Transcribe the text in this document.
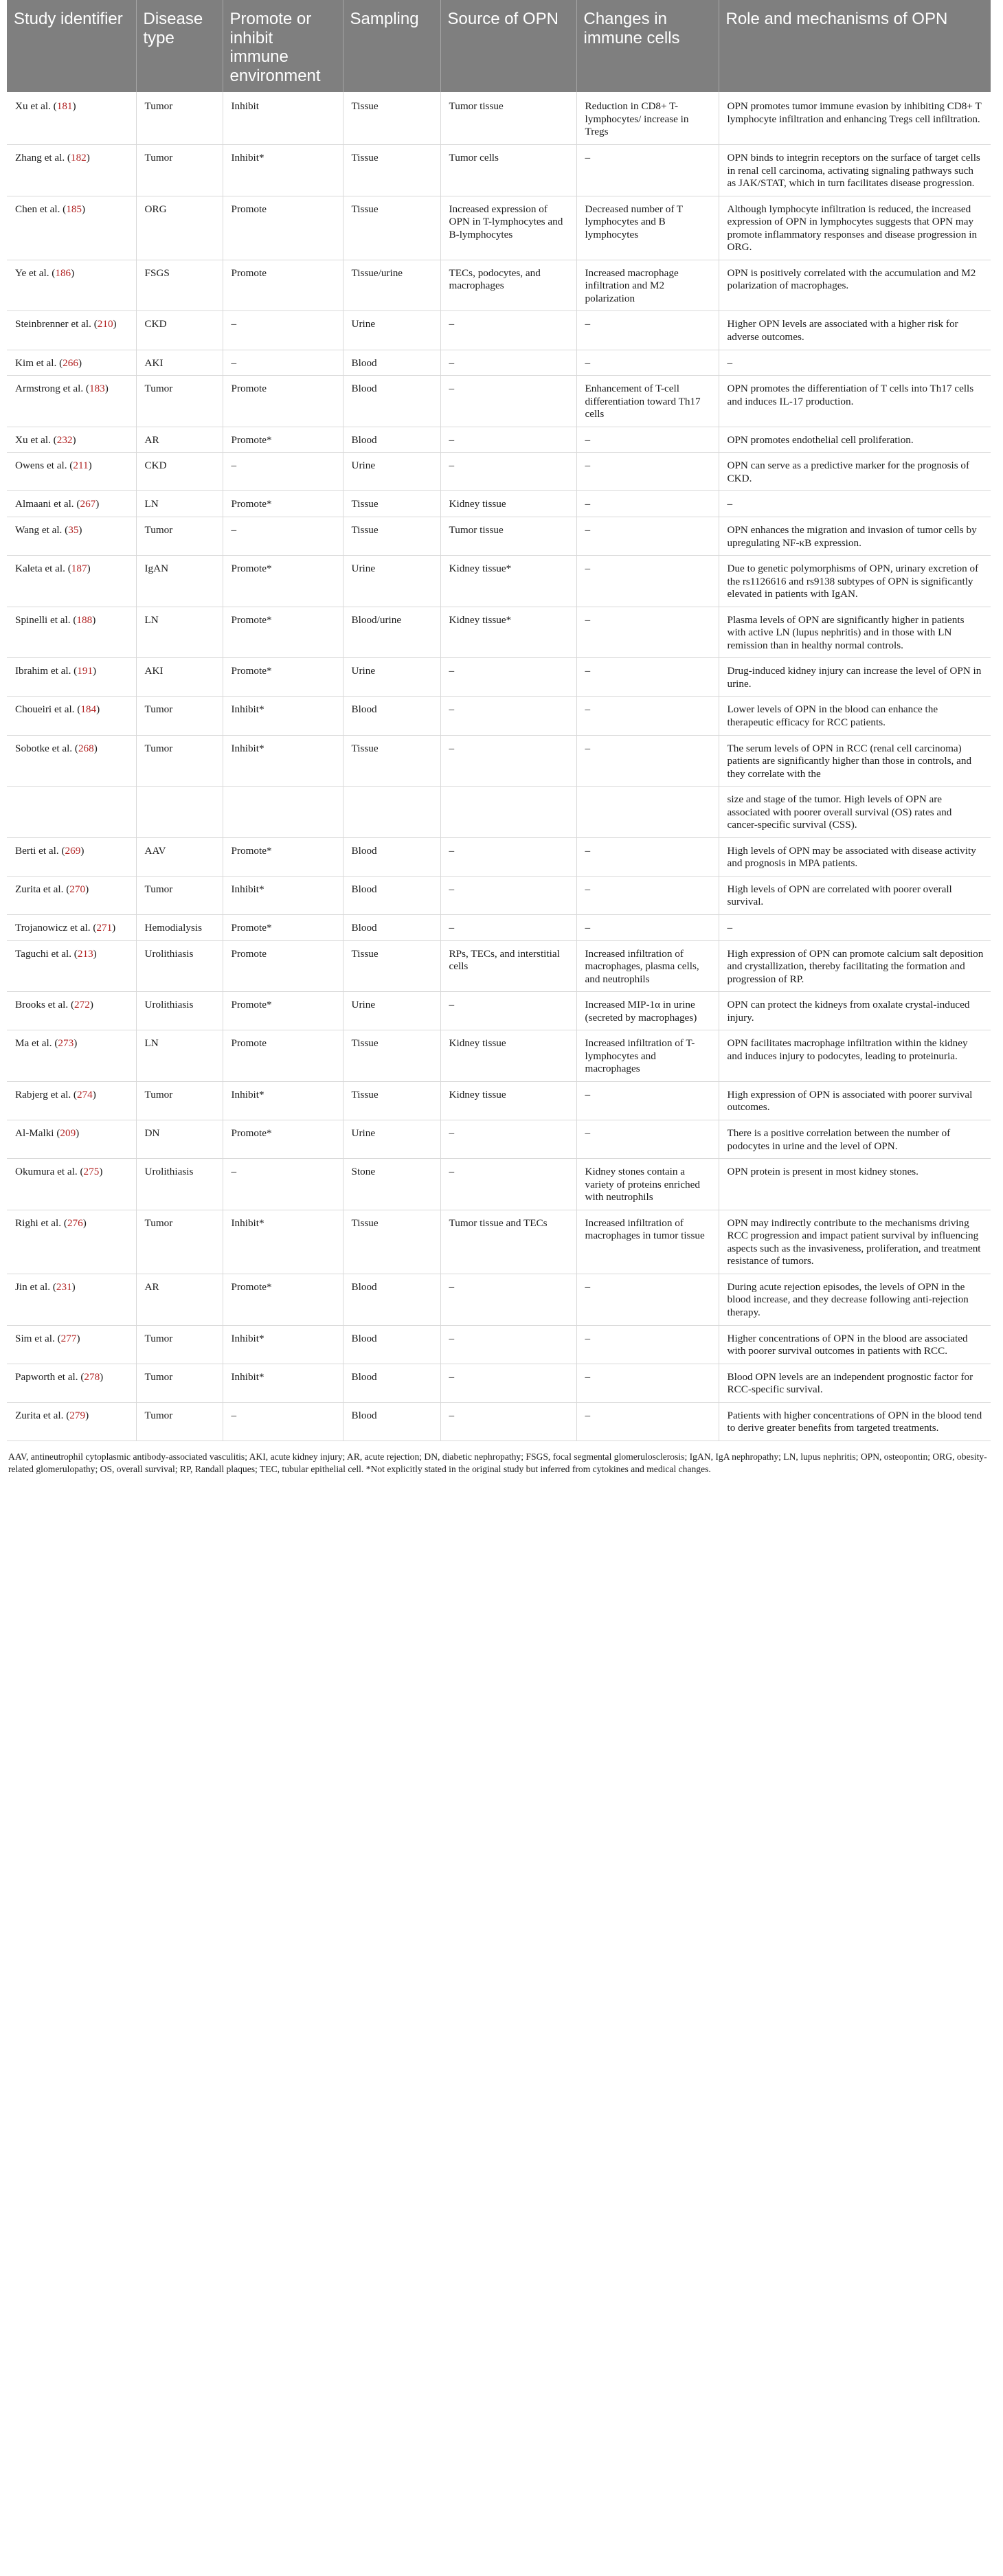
Study identifier	Disease type	Promote or inhibit immune environment	Sampling	Source of OPN	Changes in immune cells	Role and mechanisms of OPN
Xu et al. (181)	Tumor	Inhibit	Tissue	Tumor tissue	Reduction in CD8+ T-lymphocytes/ increase in Tregs	OPN promotes tumor immune evasion by inhibiting CD8+ T lymphocyte infiltration and enhancing Tregs cell infiltration.
Zhang et al. (182)	Tumor	Inhibit*	Tissue	Tumor cells	–	OPN binds to integrin receptors on the surface of target cells in renal cell carcinoma, activating signaling pathways such as JAK/STAT, which in turn facilitates disease progression.
Chen et al. (185)	ORG	Promote	Tissue	Increased expression of OPN in T-lymphocytes and B-lymphocytes	Decreased number of T lymphocytes and B lymphocytes	Although lymphocyte infiltration is reduced, the increased expression of OPN in lymphocytes suggests that OPN may promote inflammatory responses and disease progression in ORG.
Ye et al. (186)	FSGS	Promote	Tissue/urine	TECs, podocytes, and macrophages	Increased macrophage infiltration and M2 polarization	OPN is positively correlated with the accumulation and M2 polarization of macrophages.
Steinbrenner et al. (210)	CKD	–	Urine	–	–	Higher OPN levels are associated with a higher risk for adverse outcomes.
Kim et al. (266)	AKI	–	Blood	–	–	–
Armstrong et al. (183)	Tumor	Promote	Blood	–	Enhancement of T-cell differentiation toward Th17 cells	OPN promotes the differentiation of T cells into Th17 cells and induces IL-17 production.
Xu et al. (232)	AR	Promote*	Blood	–	–	OPN promotes endothelial cell proliferation.
Owens et al. (211)	CKD	–	Urine	–	–	OPN can serve as a predictive marker for the prognosis of CKD.
Almaani et al. (267)	LN	Promote*	Tissue	Kidney tissue	–	–
Wang et al. (35)	Tumor	–	Tissue	Tumor tissue	–	OPN enhances the migration and invasion of tumor cells by upregulating NF-κB expression.
Kaleta et al. (187)	IgAN	Promote*	Urine	Kidney tissue*	–	Due to genetic polymorphisms of OPN, urinary excretion of the rs1126616 and rs9138 subtypes of OPN is significantly elevated in patients with IgAN.
Spinelli et al. (188)	LN	Promote*	Blood/urine	Kidney tissue*	–	Plasma levels of OPN are significantly higher in patients with active LN (lupus nephritis) and in those with LN remission than in healthy normal controls.
Ibrahim et al. (191)	AKI	Promote*	Urine	–	–	Drug-induced kidney injury can increase the level of OPN in urine.
Choueiri et al. (184)	Tumor	Inhibit*	Blood	–	–	Lower levels of OPN in the blood can enhance the therapeutic efficacy for RCC patients.
Sobotke et al. (268)	Tumor	Inhibit*	Tissue	–	–	The serum levels of OPN in RCC (renal cell carcinoma) patients are significantly higher than those in controls, and they correlate with the
						size and stage of the tumor. High levels of OPN are associated with poorer overall survival (OS) rates and cancer-specific survival (CSS).
Berti et al. (269)	AAV	Promote*	Blood	–	–	High levels of OPN may be associated with disease activity and prognosis in MPA patients.
Zurita et al. (270)	Tumor	Inhibit*	Blood	–	–	High levels of OPN are correlated with poorer overall survival.
Trojanowicz et al. (271)	Hemodialysis	Promote*	Blood	–	–	–
Taguchi et al. (213)	Urolithiasis	Promote	Tissue	RPs, TECs, and interstitial cells	Increased infiltration of macrophages, plasma cells, and neutrophils	High expression of OPN can promote calcium salt deposition and crystallization, thereby facilitating the formation and progression of RP.
Brooks et al. (272)	Urolithiasis	Promote*	Urine	–	Increased MIP-1α in urine (secreted by macrophages)	OPN can protect the kidneys from oxalate crystal-induced injury.
Ma et al. (273)	LN	Promote	Tissue	Kidney tissue	Increased infiltration of T-lymphocytes and macrophages	OPN facilitates macrophage infiltration within the kidney and induces injury to podocytes, leading to proteinuria.
Rabjerg et al. (274)	Tumor	Inhibit*	Tissue	Kidney tissue	–	High expression of OPN is associated with poorer survival outcomes.
Al-Malki (209)	DN	Promote*	Urine	–	–	There is a positive correlation between the number of podocytes in urine and the level of OPN.
Okumura et al. (275)	Urolithiasis	–	Stone	–	Kidney stones contain a variety of proteins enriched with neutrophils	OPN protein is present in most kidney stones.
Righi et al. (276)	Tumor	Inhibit*	Tissue	Tumor tissue and TECs	Increased infiltration of macrophages in tumor tissue	OPN may indirectly contribute to the mechanisms driving RCC progression and impact patient survival by influencing aspects such as the invasiveness, proliferation, and treatment resistance of tumors.
Jin et al. (231)	AR	Promote*	Blood	–	–	During acute rejection episodes, the levels of OPN in the blood increase, and they decrease following anti-rejection therapy.
Sim et al. (277)	Tumor	Inhibit*	Blood	–	–	Higher concentrations of OPN in the blood are associated with poorer survival outcomes in patients with RCC.
Papworth et al. (278)	Tumor	Inhibit*	Blood	–	–	Blood OPN levels are an independent prognostic factor for RCC-specific survival.
Zurita et al. (279)	Tumor	–	Blood	–	–	Patients with higher concentrations of OPN in the blood tend to derive greater benefits from targeted treatments.
AAV, antineutrophil cytoplasmic antibody-associated vasculitis; AKI, acute kidney injury; AR, acute rejection; DN, diabetic nephropathy; FSGS, focal segmental glomerulosclerosis; IgAN, IgA nephropathy; LN, lupus nephritis; OPN, osteopontin; ORG, obesity-related glomerulopathy; OS, overall survival; RP, Randall plaques; TEC, tubular epithelial cell. *Not explicitly stated in the original study but inferred from cytokines and medical changes.
